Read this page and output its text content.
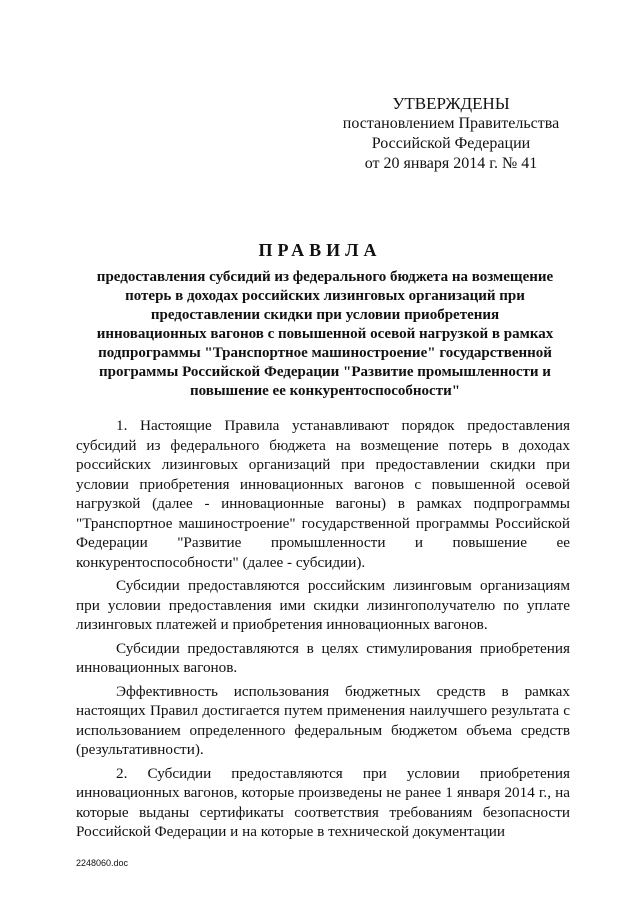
УТВЕРЖДЕНЫ
постановлением Правительства
Российской Федерации
от 20 января 2014 г. № 41
ПРАВИЛА
предоставления субсидий из федерального бюджета на возмещение
потерь в доходах российских лизинговых организаций при
предоставлении скидки при условии приобретения
инновационных вагонов с повышенной осевой нагрузкой в рамках
подпрограммы "Транспортное машиностроение" государственной
программы Российской Федерации "Развитие промышленности и
повышение ее конкурентоспособности"

1. Настоящие Правила устанавливают порядок предоставления субсидий из федерального бюджета на возмещение потерь в доходах российских лизинговых организаций при предоставлении скидки при условии приобретения инновационных вагонов с повышенной осевой нагрузкой (далее - инновационные вагоны) в рамках подпрограммы "Транспортное машиностроение" государственной программы Российской Федерации "Развитие промышленности и повышение ее конкурентоспособности" (далее - субсидии).

Субсидии предоставляются российским лизинговым организациям при условии предоставления ими скидки лизингополучателю по уплате лизинговых платежей и приобретения инновационных вагонов.

Субсидии предоставляются в целях стимулирования приобретения инновационных вагонов.

Эффективность использования бюджетных средств в рамках настоящих Правил достигается путем применения наилучшего результата с использованием определенного федеральным бюджетом объема средств (результативности).

2. Субсидии предоставляются при условии приобретения инновационных вагонов, которые произведены не ранее 1 января 2014 г., на которые выданы сертификаты соответствия требованиям безопасности Российской Федерации и на которые в технической документации

2248060.doc
